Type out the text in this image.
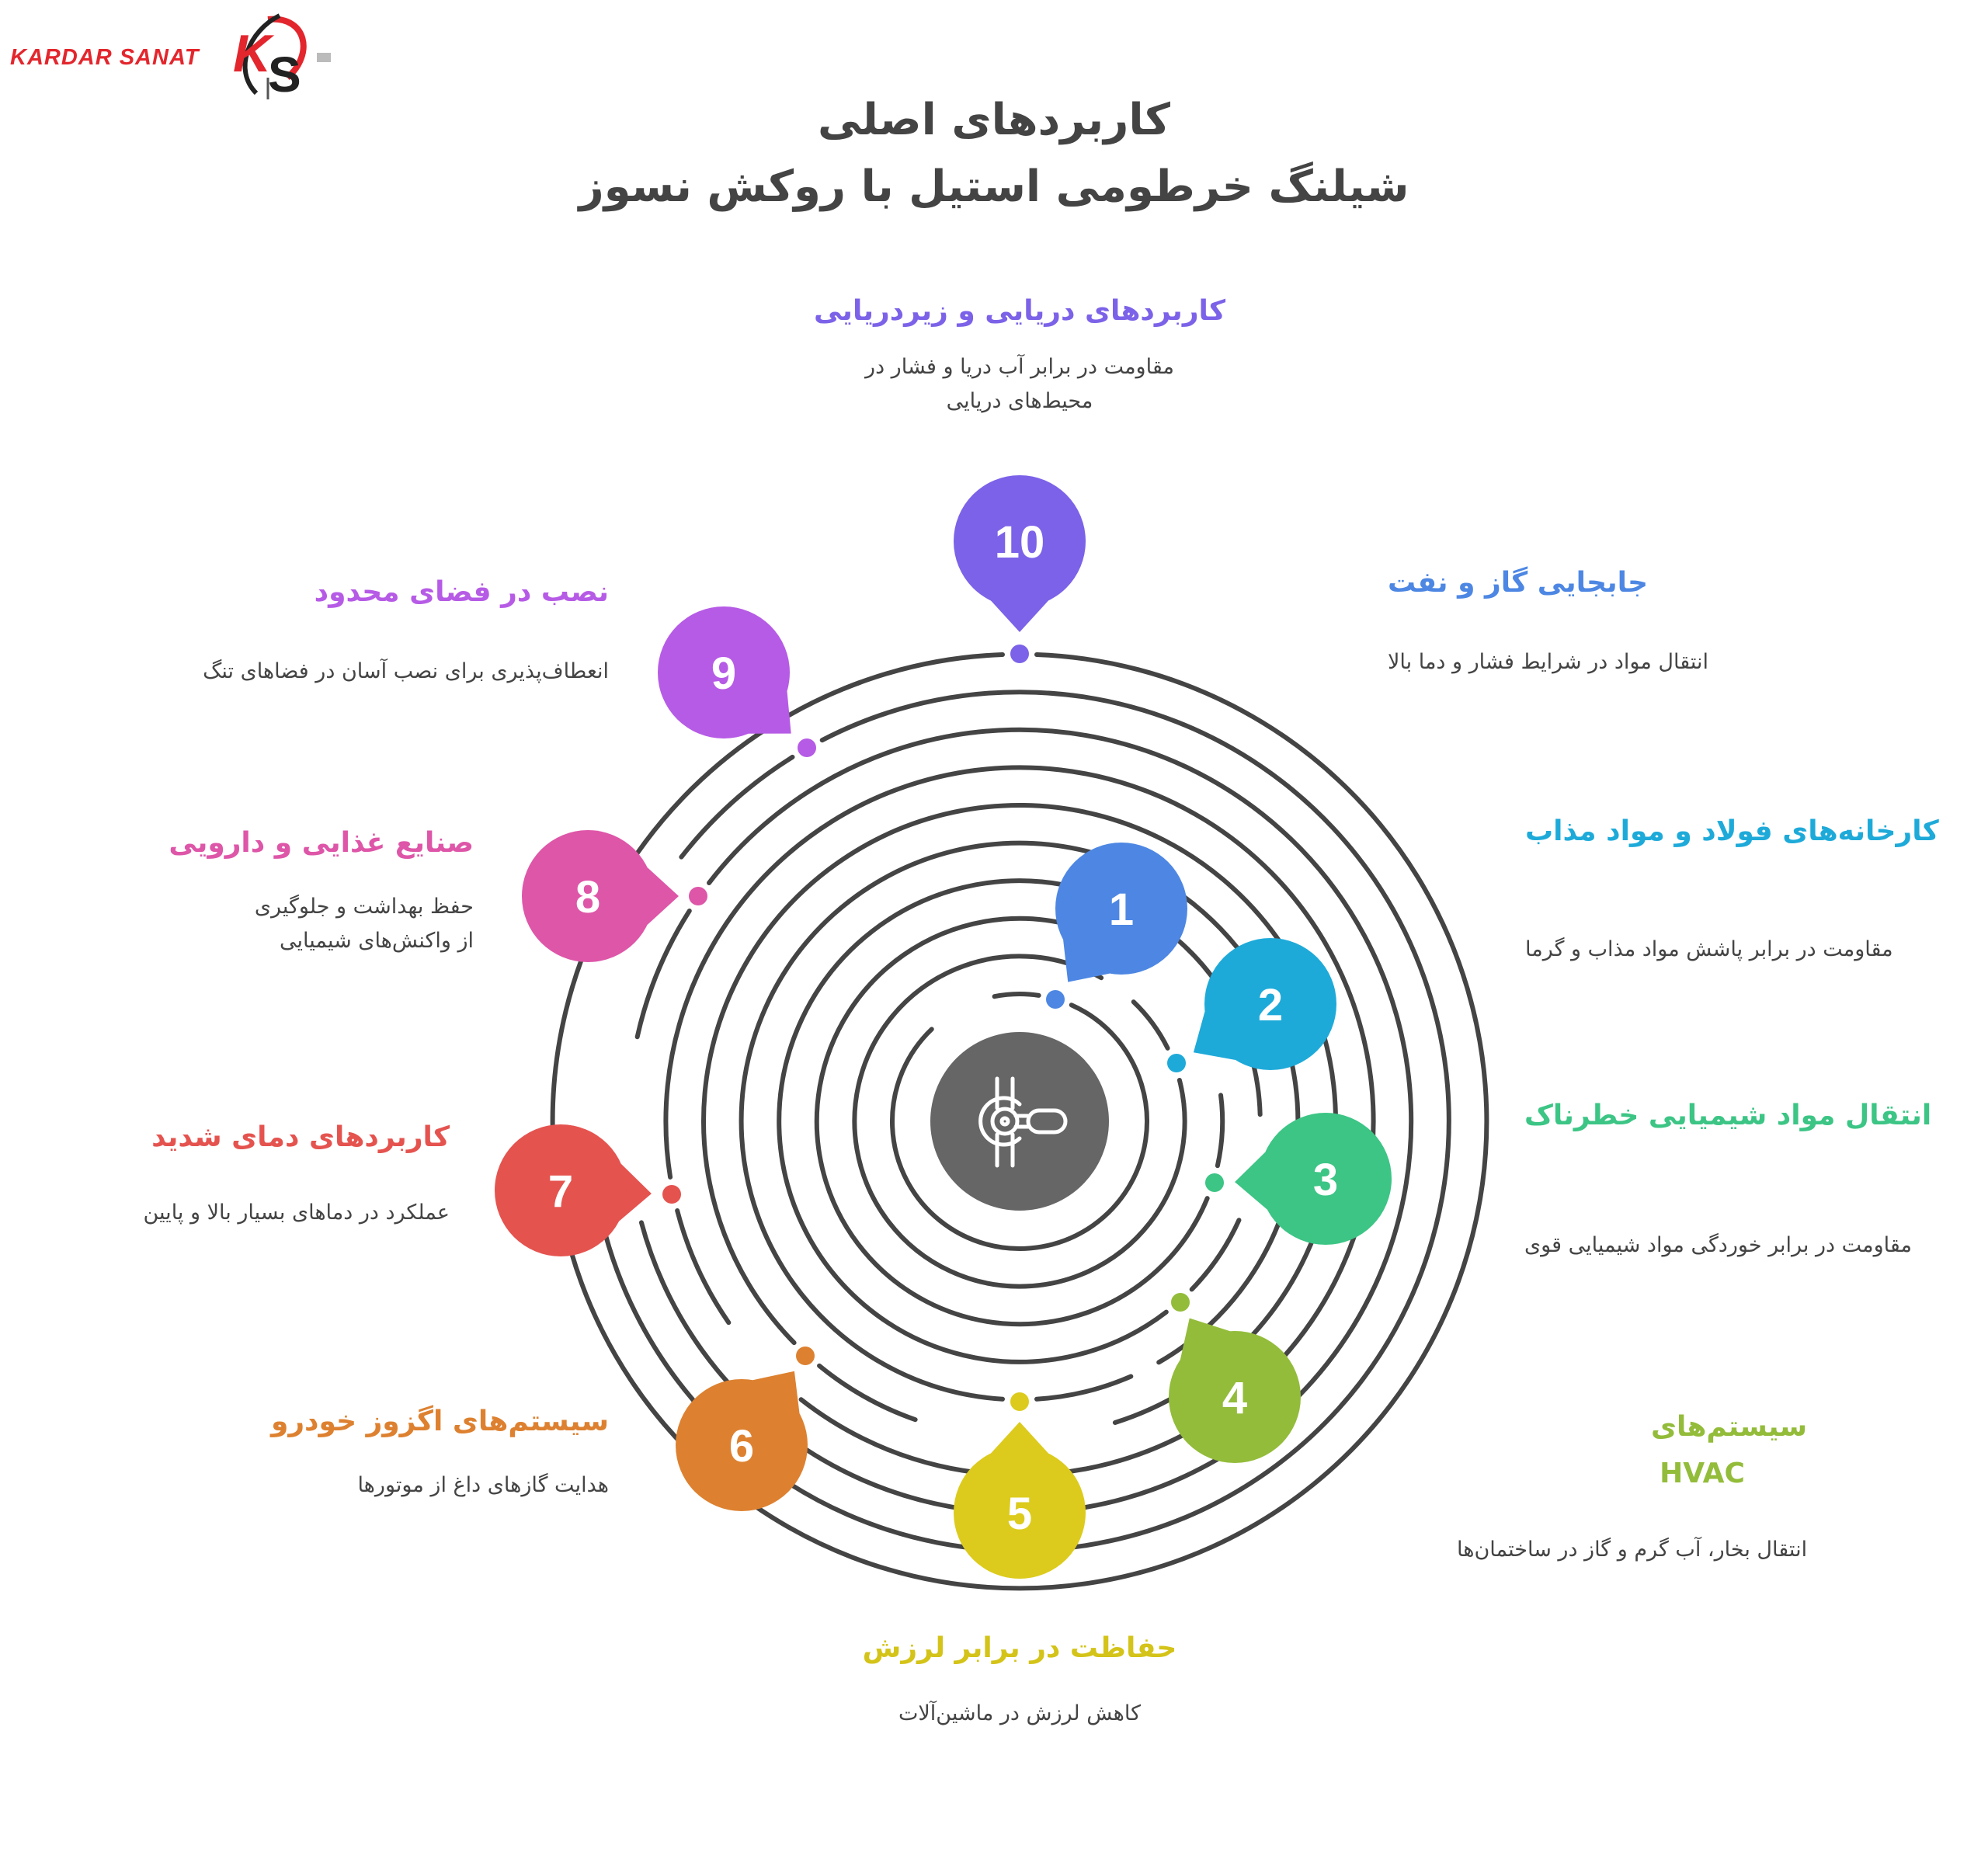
KARDAR SANAT K
S
کاربردهای اصلی
شیلنگ خرطومی استیل با روکش نسوز
1
2
3
4
5
6
7
8
9
10
جابجایی گاز و نفت
انتقال مواد در شرایط فشار و دما بالا
کارخانه‌های فولاد و مواد مذاب
مقاومت در برابر پاشش مواد مذاب و گرما
انتقال مواد شیمیایی خطرناک
مقاومت در برابر خوردگی مواد شیمیایی قوی
سیستم‌های HVAC
انتقال بخار، آب گرم و گاز در ساختمان‌ها
حفاظت در برابر لرزش
کاهش لرزش در ماشین‌آلات
سیستم‌های اگزوز خودرو
هدایت گازهای داغ از موتورها
کاربردهای دمای شدید
عملکرد در دماهای بسیار بالا و پایین
صنایع غذایی و دارویی
حفظ بهداشت و جلوگیری
از واکنش‌های شیمیایی
نصب در فضای محدود
انعطاف‌پذیری برای نصب آسان در فضاهای تنگ
کاربردهای دریایی و زیردریایی
مقاومت در برابر آب دریا و فشار در
محیط‌های دریایی
